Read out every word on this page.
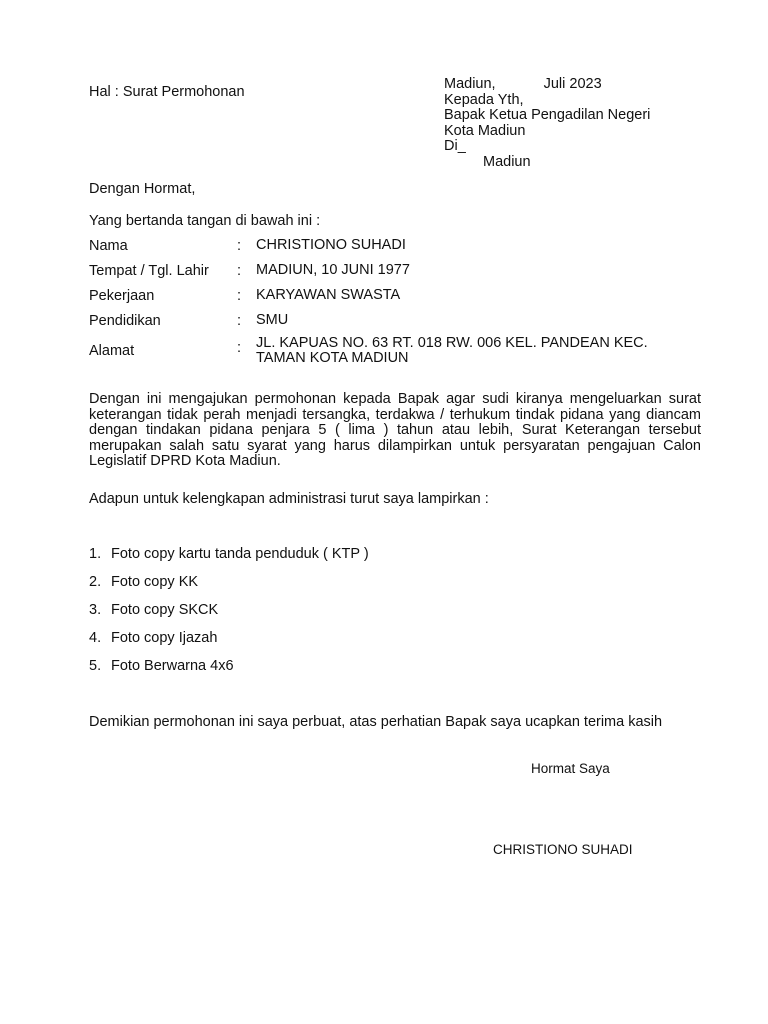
Hal : Surat Permohonan	Madiun,	Juli 2023
Kepada Yth,
Bapak Ketua Pengadilan Negeri
Kota Madiun
Di_
Madiun
Dengan Hormat,
Yang bertanda tangan di bawah ini :
Nama	: CHRISTIONO SUHADI
Tempat / Tgl. Lahir : MADIUN, 10 JUNI 1977
Pekerjaan	: KARYAWAN SWASTA
Pendidikan	: SMU
Alamat	: JL. KAPUAS NO. 63 RT. 018 RW. 006 KEL. PANDEAN KEC. TAMAN KOTA MADIUN
Dengan ini mengajukan permohonan kepada Bapak agar sudi kiranya mengeluarkan surat keterangan tidak perah menjadi tersangka, terdakwa / terhukum tindak pidana yang diancam dengan tindakan pidana penjara 5 ( lima ) tahun atau lebih, Surat Keterangan tersebut merupakan salah satu syarat yang harus dilampirkan untuk persyaratan pengajuan Calon Legislatif DPRD Kota Madiun.
Adapun untuk kelengkapan administrasi turut saya lampirkan :
1. Foto copy kartu tanda penduduk ( KTP )
2. Foto copy KK
3. Foto copy SKCK
4. Foto copy Ijazah
5. Foto Berwarna 4x6
Demikian permohonan ini saya perbuat, atas perhatian Bapak saya ucapkan terima kasih
Hormat Saya
CHRISTIONO SUHADI
